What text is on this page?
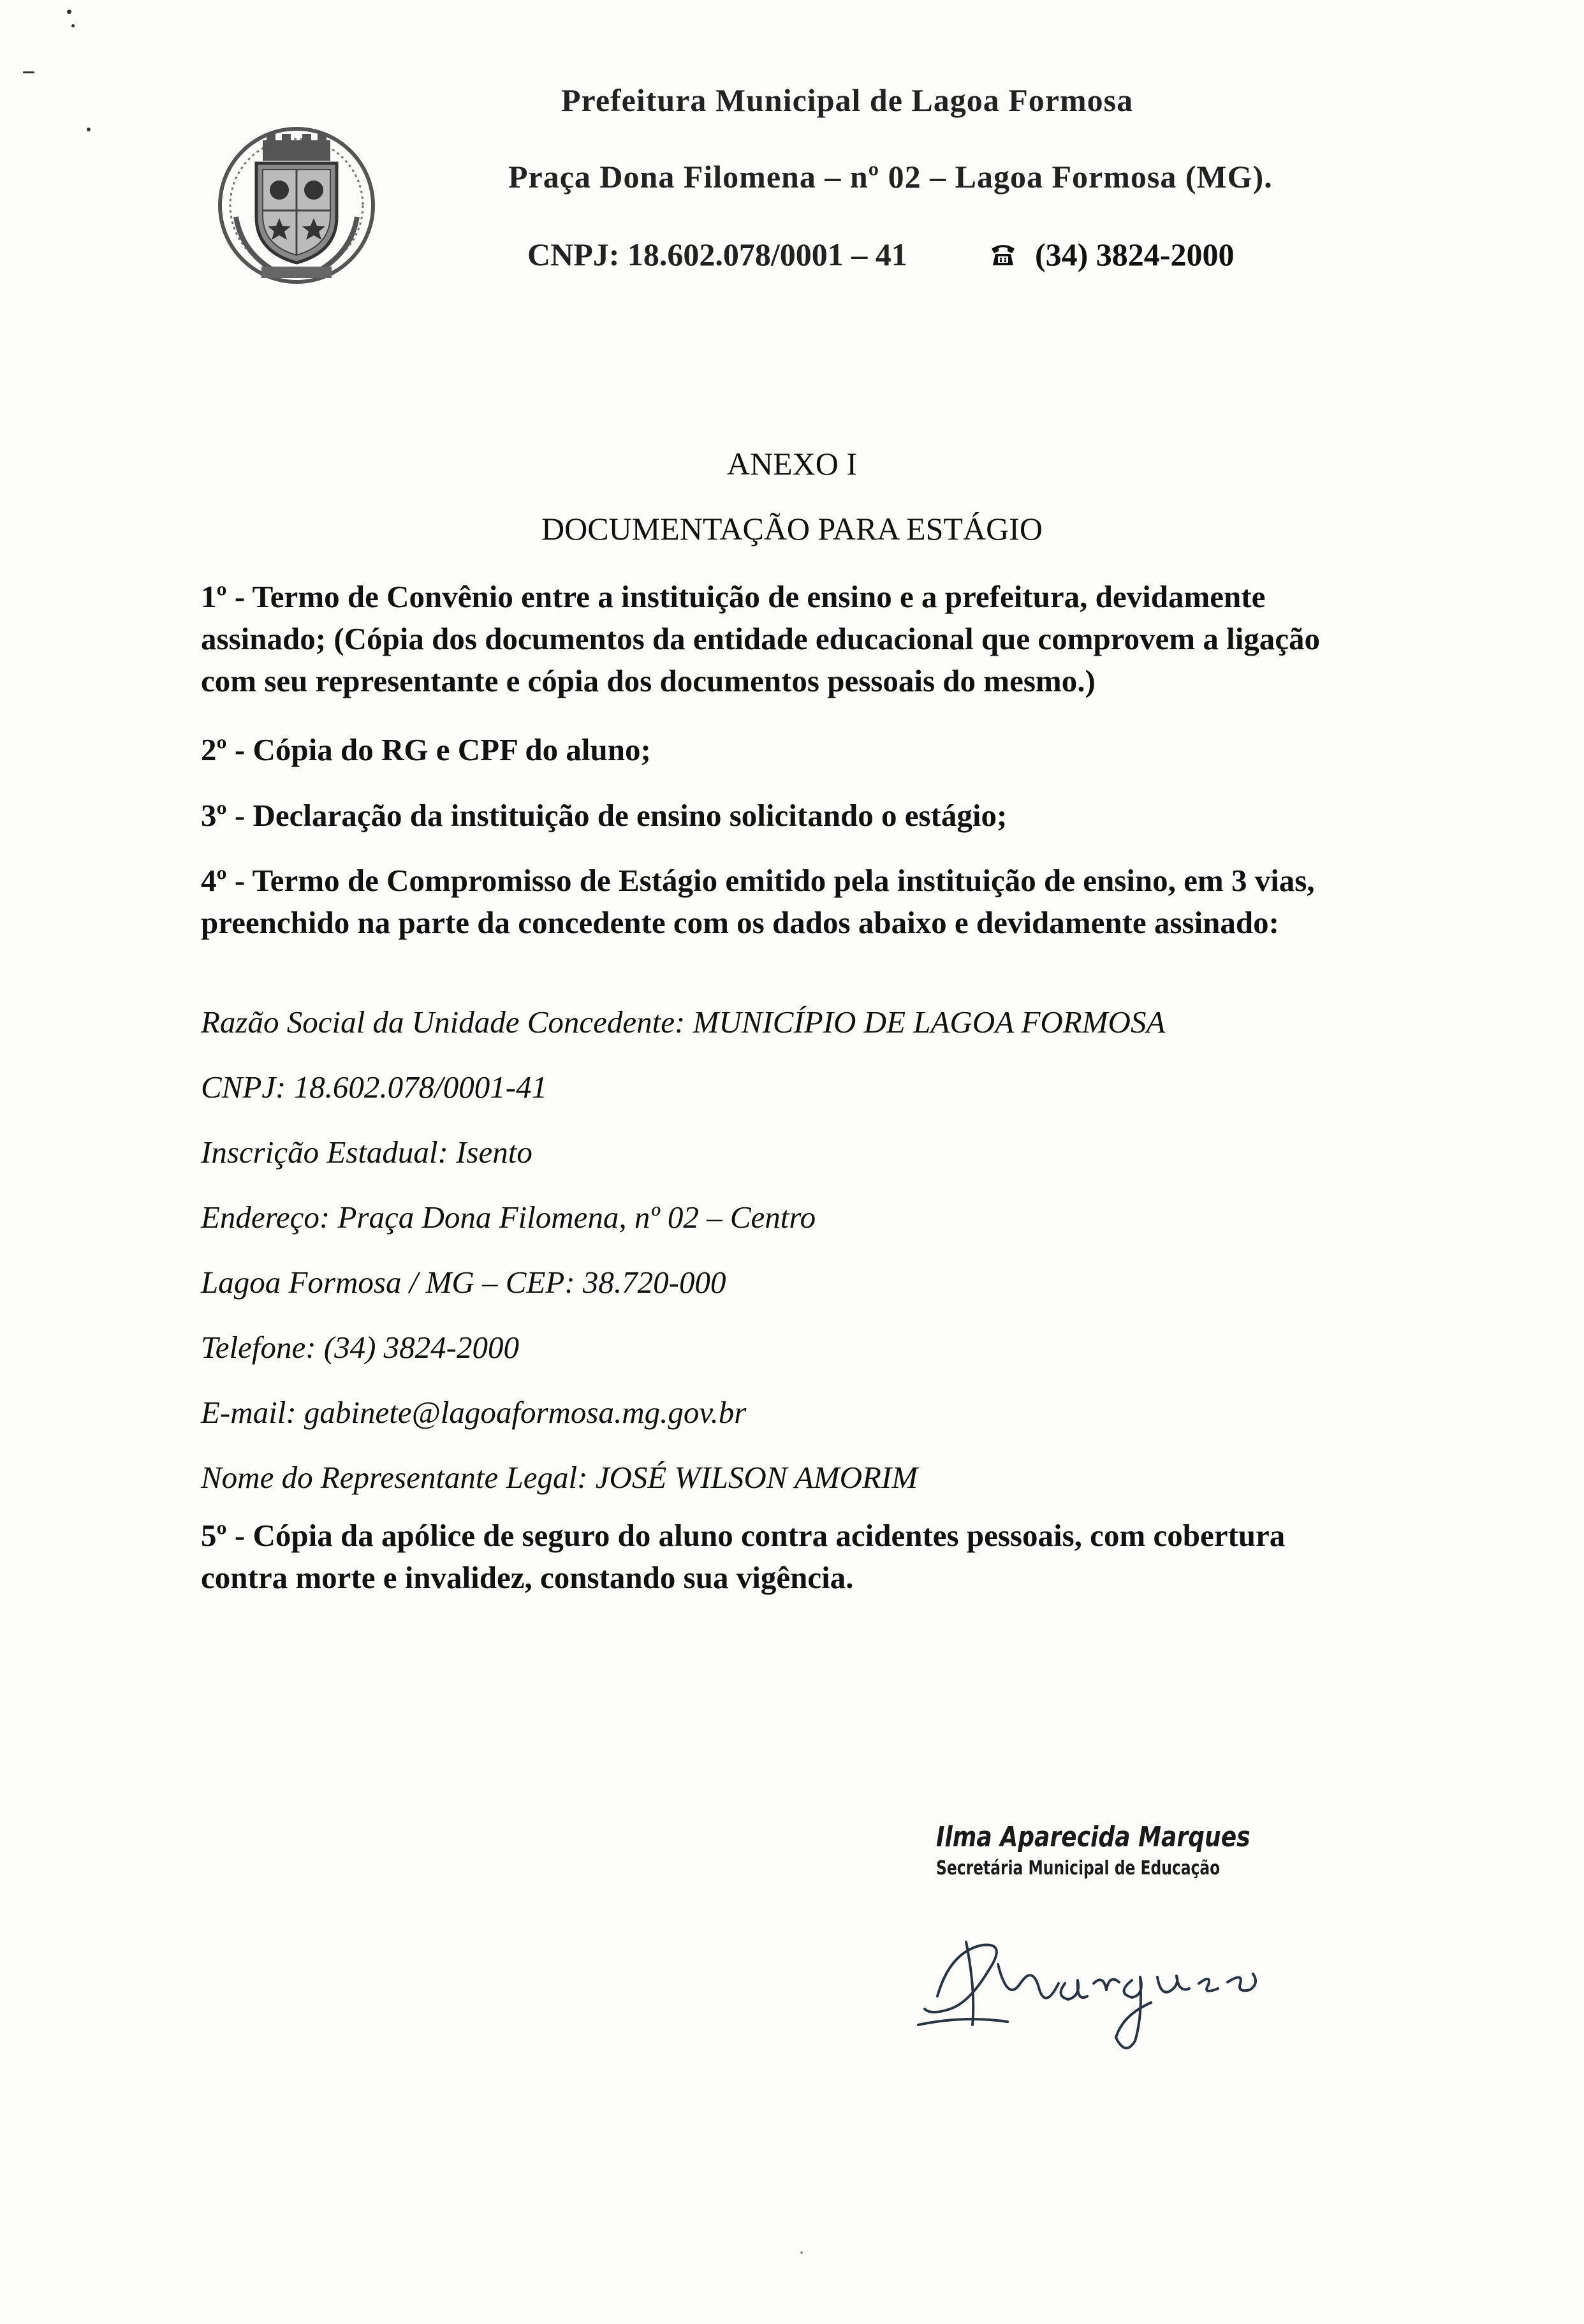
Prefeitura Municipal de Lagoa Formosa
Praça Dona Filomena – nº 02 – Lagoa Formosa (MG).
CNPJ: 18.602.078/0001 – 41	(34) 3824-2000
ANEXO I
DOCUMENTAÇÃO PARA ESTÁGIO
1º - Termo de Convênio entre a instituição de ensino e a prefeitura, devidamente assinado; (Cópia dos documentos da entidade educacional que comprovem a ligação com seu representante e cópia dos documentos pessoais do mesmo.)
2º - Cópia do RG e CPF do aluno;
3º - Declaração da instituição de ensino solicitando o estágio;
4º - Termo de Compromisso de Estágio emitido pela instituição de ensino, em 3 vias, preenchido na parte da concedente com os dados abaixo e devidamente assinado:
Razão Social da Unidade Concedente: MUNICÍPIO DE LAGOA FORMOSA
CNPJ: 18.602.078/0001-41
Inscrição Estadual: Isento
Endereço: Praça Dona Filomena, nº 02 – Centro
Lagoa Formosa / MG – CEP: 38.720-000
Telefone: (34) 3824-2000
E-mail: gabinete@lagoaformosa.mg.gov.br
Nome do Representante Legal: JOSÉ WILSON AMORIM
5º - Cópia da apólice de seguro do aluno contra acidentes pessoais, com cobertura contra morte e invalidez, constando sua vigência.
Ilma Aparecida Marques
Secretária Municipal de Educação
